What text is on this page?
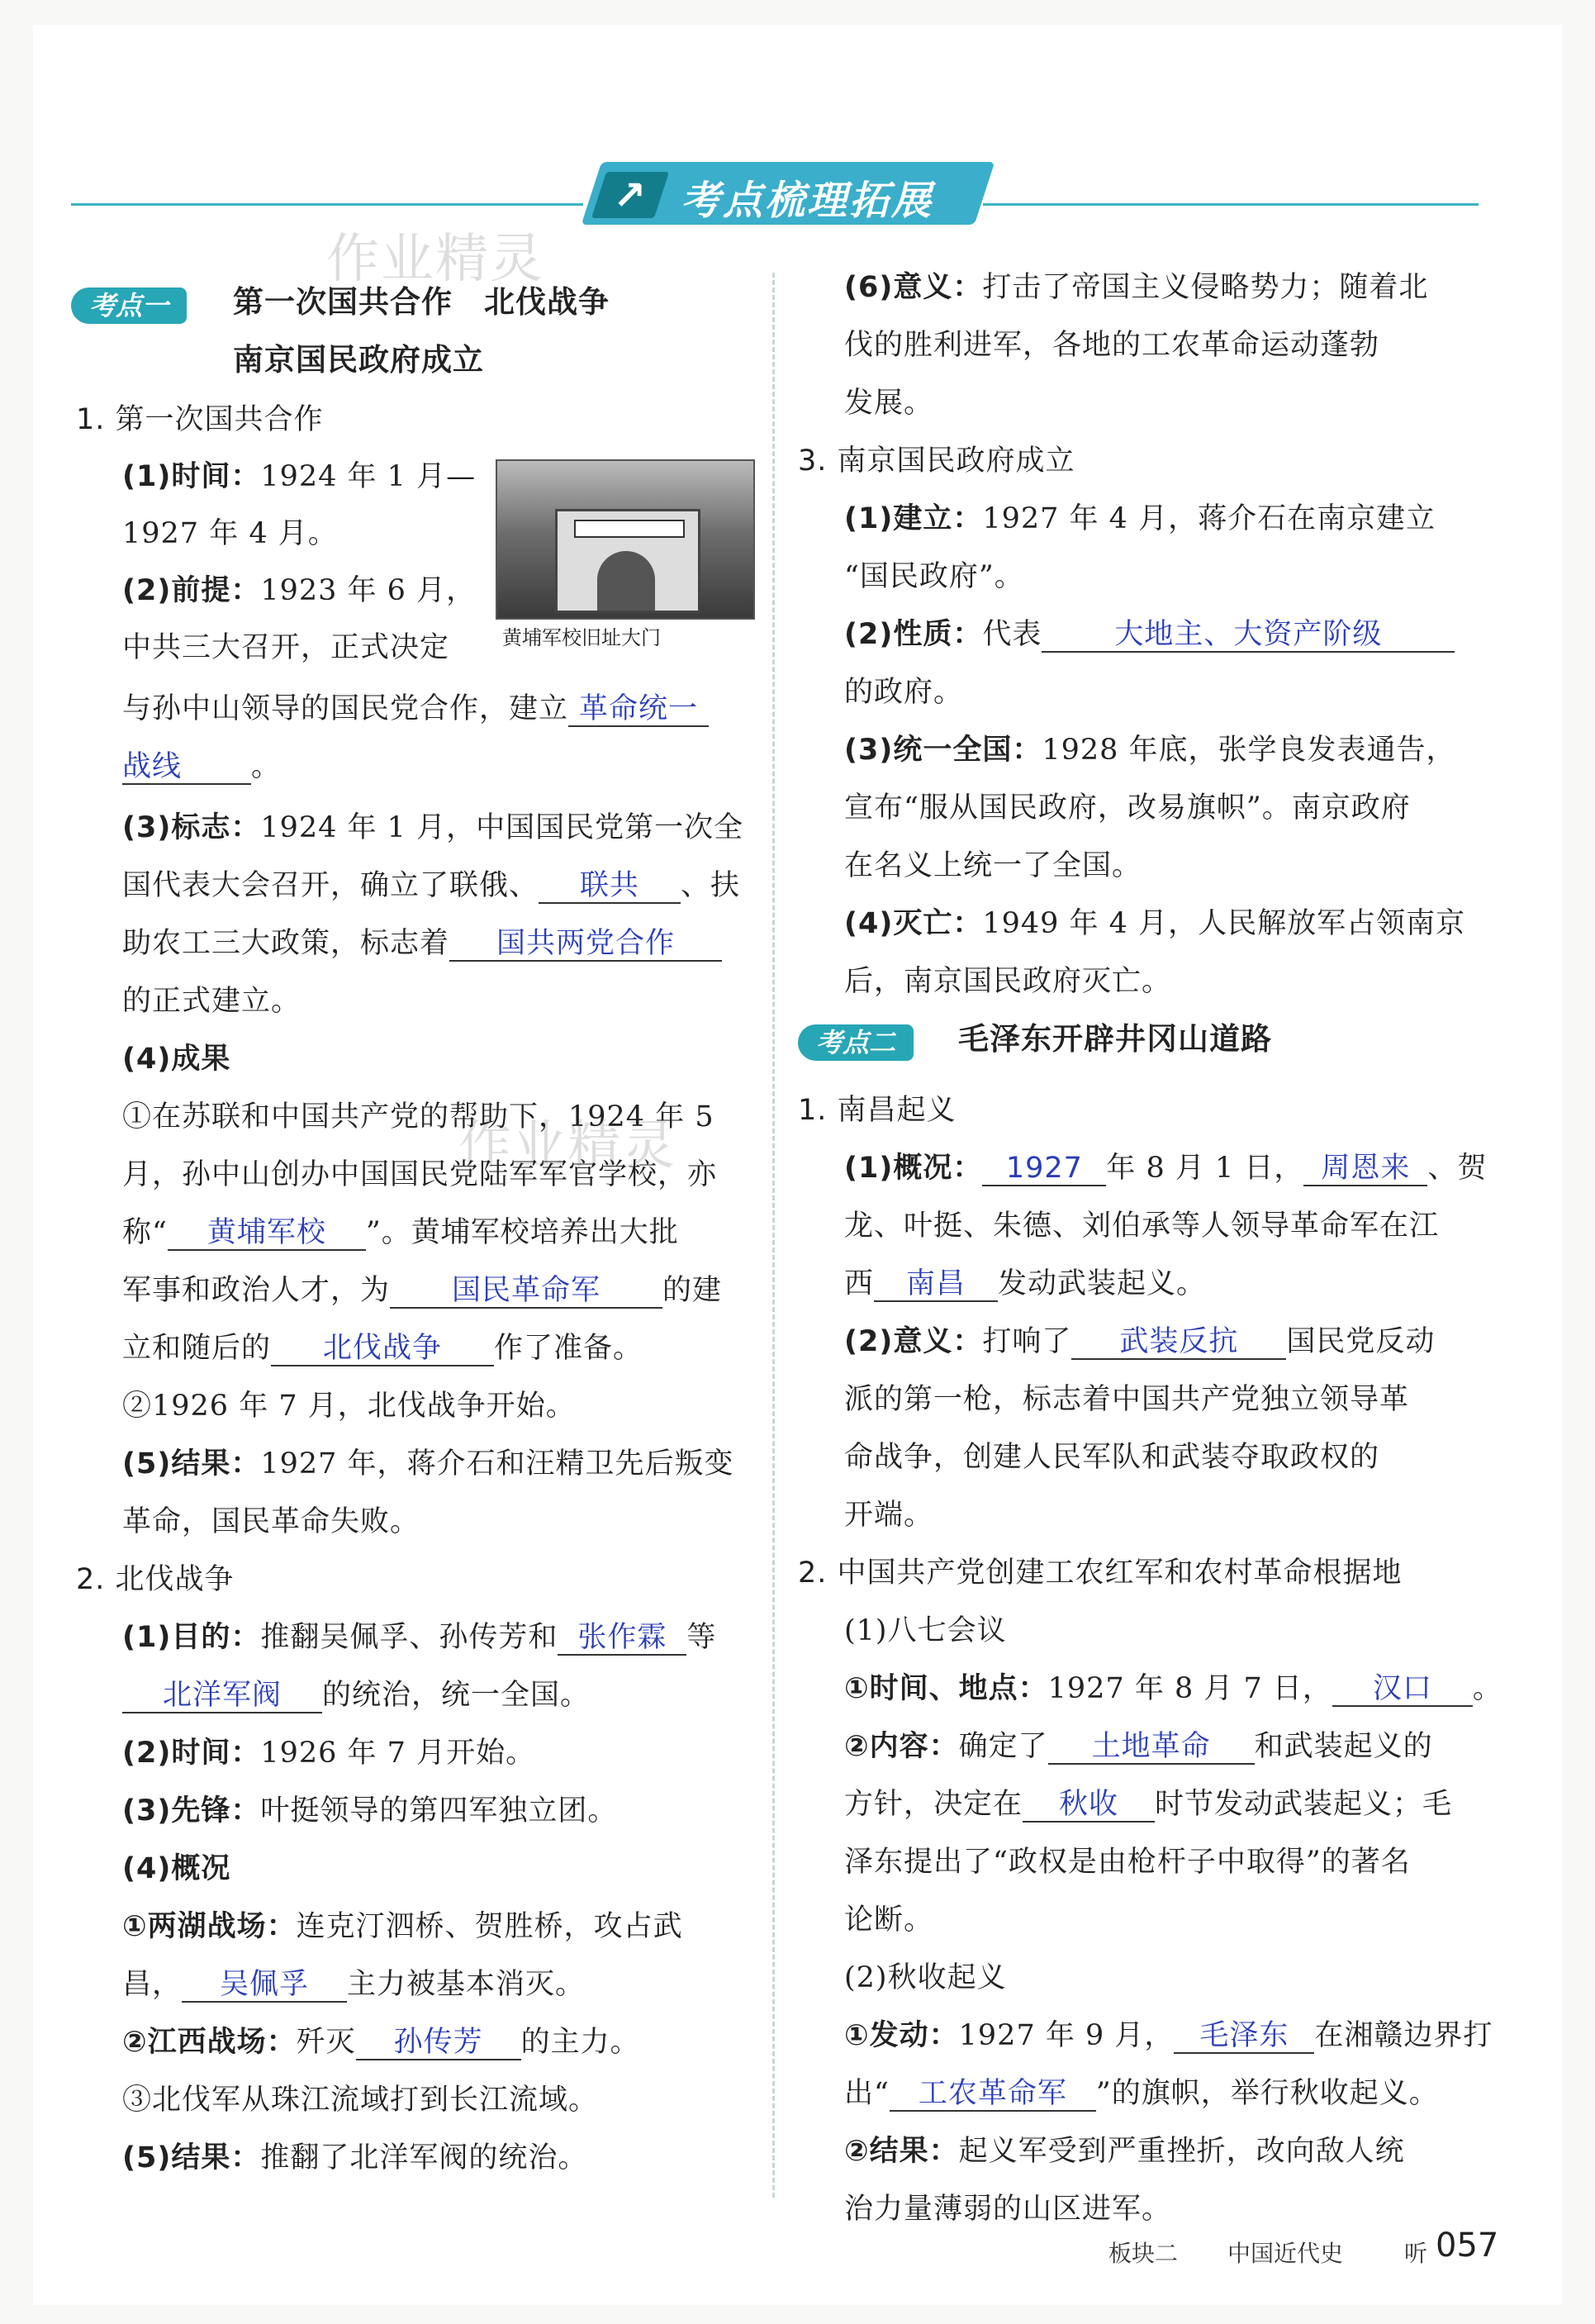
↗ 考点梳理拓展
作业精灵
作业精灵
考点一	第一次国共合作　北伐战争
南京国民政府成立
1. 第一次国共合作
(1)时间：1924 年 1 月—
1927 年 4 月。
(2)前提：1923 年 6 月，
中共三大召开，正式决定	黄埔军校旧址大门
与孙中山领导的国民党合作，建立 革命统一
战线 。
(3)标志：1924 年 1 月，中国国民党第一次全
国代表大会召开，确立了联俄、 联共 、扶
助农工三大政策，标志着 国共两党合作
的正式建立。
(4)成果
①在苏联和中国共产党的帮助下，1924 年 5
月，孙中山创办中国国民党陆军军官学校，亦
称“ 黄埔军校 ”。黄埔军校培养出大批
军事和政治人才，为 国民革命军 的建
立和随后的 北伐战争 作了准备。
②1926 年 7 月，北伐战争开始。
(5)结果：1927 年，蒋介石和汪精卫先后叛变
革命，国民革命失败。
2. 北伐战争
(1)目的：推翻吴佩孚、孙传芳和 张作霖 等
北洋军阀 的统治，统一全国。
(2)时间：1926 年 7 月开始。
(3)先锋：叶挺领导的第四军独立团。
(4)概况
①两湖战场：连克汀泗桥、贺胜桥，攻占武
昌， 吴佩孚 主力被基本消灭。
②江西战场：歼灭 孙传芳 的主力。
③北伐军从珠江流域打到长江流域。
(5)结果：推翻了北洋军阀的统治。
(6)意义：打击了帝国主义侵略势力；随着北
伐的胜利进军，各地的工农革命运动蓬勃
发展。
3. 南京国民政府成立
(1)建立：1927 年 4 月，蒋介石在南京建立
“国民政府”。
(2)性质：代表	大地主、大资产阶级
的政府。
(3)统一全国：1928 年底，张学良发表通告，
宣布“服从国民政府，改易旗帜”。南京政府
在名义上统一了全国。
(4)灭亡：1949 年 4 月，人民解放军占领南京
后，南京国民政府灭亡。
考点二	毛泽东开辟井冈山道路
1. 南昌起义
(1)概况： 1927 年 8 月 1 日， 周恩来 、贺
龙、叶挺、朱德、刘伯承等人领导革命军在江
西 南昌 发动武装起义。
(2)意义：打响了 武装反抗 国民党反动
派的第一枪，标志着中国共产党独立领导革
命战争，创建人民军队和武装夺取政权的
开端。
2. 中国共产党创建工农红军和农村革命根据地
(1)八七会议
①时间、地点：1927 年 8 月 7 日， 汉口 。
②内容：确定了 土地革命 和武装起义的
方针，决定在 秋收 时节发动武装起义；毛
泽东提出了“政权是由枪杆子中取得”的著名
论断。
(2)秋收起义
①发动：1927 年 9 月， 毛泽东 在湘赣边界打
出“ 工农革命军 ”的旗帜，举行秋收起义。
②结果：起义军受到严重挫折，改向敌人统
治力量薄弱的山区进军。
板块二 中国近代史	听 057
